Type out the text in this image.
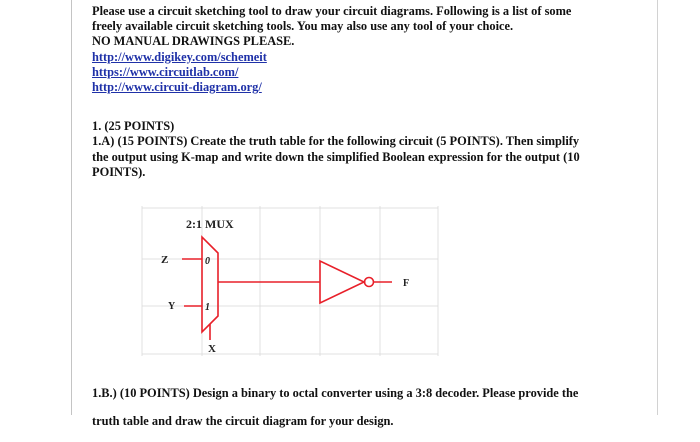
Please use a circuit sketching tool to draw your circuit diagrams. Following is a list of some

freely available circuit sketching tools. You may also use any tool of your choice.

NO MANUAL DRAWINGS PLEASE.

http://www.digikey.com/schemeit
https://www.circuitlab.com/
http://www.circuit-diagram.org/

1. (25 POINTS)

1.A) (15 POINTS) Create the truth table for the following circuit (5 POINTS). Then simplify

the output using K-map and write down the simplified Boolean expression for the output (10

POINTS).

2:1 MUX
0
1
Z
Y
X
F

1.B.) (10 POINTS) Design a binary to octal converter using a 3:8 decoder. Please provide the

truth table and draw the circuit diagram for your design.
